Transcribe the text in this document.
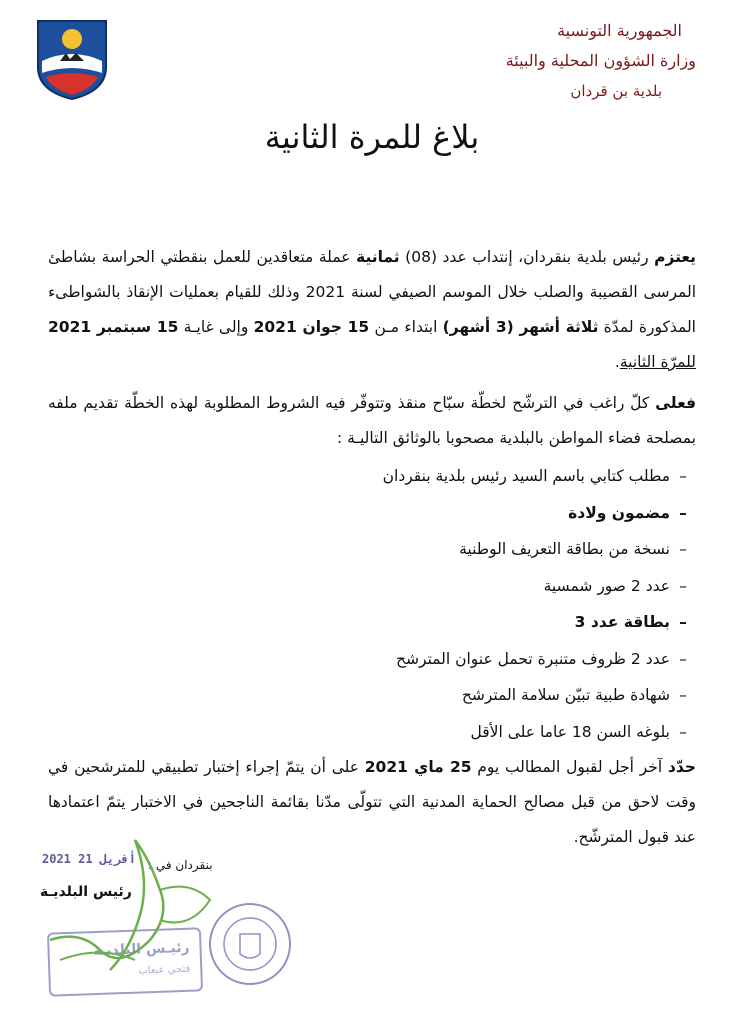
الجمهورية التونسية
وزارة الشؤون المحلية والبيئة
بلدية بن قردان
بلاغ للمرة الثانية
يعتزم رئيس بلدية بنقردان، إنتداب عدد (08) ثمانية عملة متعاقدين للعمل بنقطتي الحراسة بشاطئ المرسى القصيبة والصلب خلال الموسم الصيفي لسنة 2021 وذلك للقيام بعمليات الإنقاذ بالشواطىء المذكورة لمدّة ثلاثة أشهر (3 أشهر) ابتداء مـن 15 جوان 2021 وإلى غايـة 15 سبتمبر 2021 للمرّة الثانية.
فعلى كلّ راغب في الترشّح لخطّة سبّاح منقذ وتتوفّر فيه الشروط المطلوبة لهذه الخطّة تقديم ملفه بمصلحة فضاء المواطن بالبلدية مصحوبا بالوثائق التاليـة :
–مطلب كتابي باسم السيد رئيس بلدية بنقردان
–مضمون ولادة
–نسخة من بطاقة التعريف الوطنية
–عدد 2 صور شمسية
–بطاقة عدد 3
–عدد 2 ظروف متنبرة تحمل عنوان المترشح
–شهادة طبية تبيّن سلامة المترشح
–بلوغه السن 18 عاما على الأقل
حدّد آخر أجل لقبول المطالب يوم 25 ماي 2021 على أن يتمّ إجراء إختبار تطبيقي للمترشحين في وقت لاحق من قبل مصالح الحماية المدنية التي تتولّى مدّنا بقائمة الناجحين في الاختبار يتمّ اعتمادها عند قبول المترشّح.
2021 أفريل 21 بنقردان في :
رئيس البلديـة
رئيـس البلديـة
فتحي عبعاب
